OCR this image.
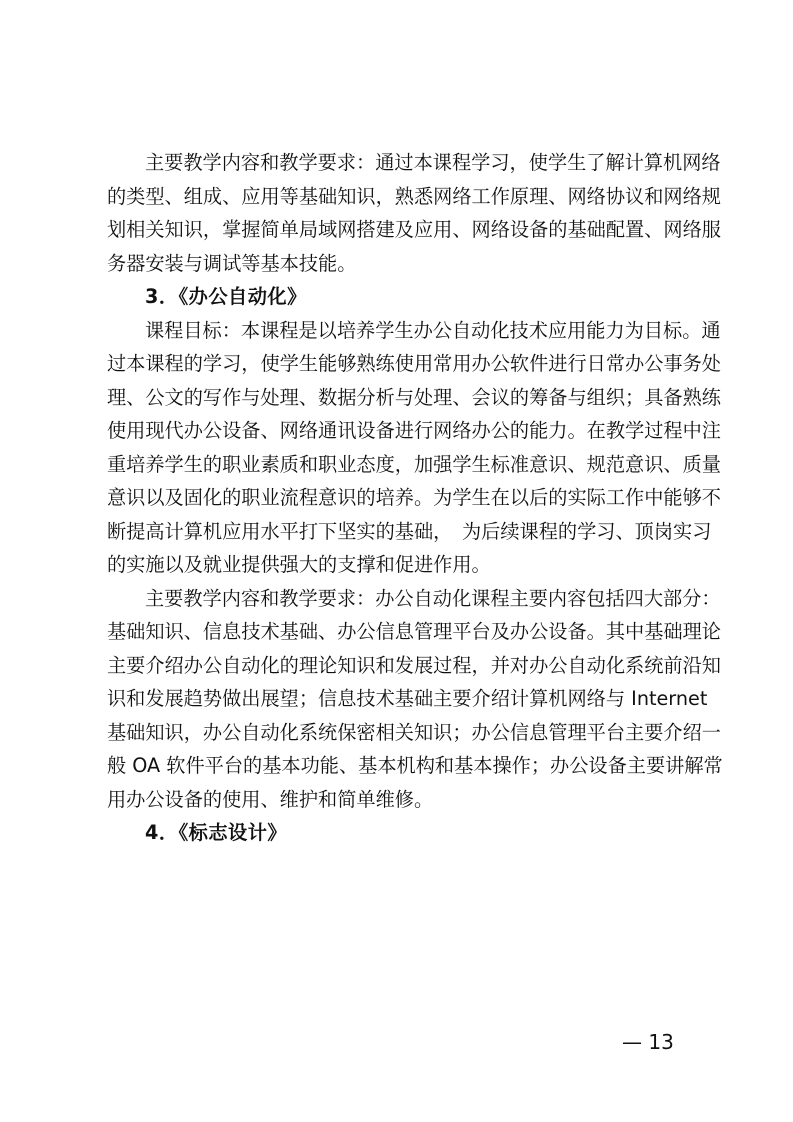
主要教学内容和教学要求：通过本课程学习，使学生了解计算机网络
的类型、组成、应用等基础知识，熟悉网络工作原理、网络协议和网络规
划相关知识，掌握简单局域网搭建及应用、网络设备的基础配置、网络服
务器安装与调试等基本技能。

3．《办公自动化》

课程目标：本课程是以培养学生办公自动化技术应用能力为目标。通
过本课程的学习，使学生能够熟练使用常用办公软件进行日常办公事务处
理、公文的写作与处理、数据分析与处理、会议的筹备与组织；具备熟练
使用现代办公设备、网络通讯设备进行网络办公的能力。在教学过程中注
重培养学生的职业素质和职业态度，加强学生标准意识、规范意识、质量
意识以及固化的职业流程意识的培养。为学生在以后的实际工作中能够不
断提高计算机应用水平打下坚实的基础，　为后续课程的学习、顶岗实习
的实施以及就业提供强大的支撑和促进作用。

主要教学内容和教学要求：办公自动化课程主要内容包括四大部分：
基础知识、信息技术基础、办公信息管理平台及办公设备。其中基础理论
主要介绍办公自动化的理论知识和发展过程，并对办公自动化系统前沿知
识和发展趋势做出展望；信息技术基础主要介绍计算机网络与 Internet
基础知识，办公自动化系统保密相关知识；办公信息管理平台主要介绍一
般 OA 软件平台的基本功能、基本机构和基本操作；办公设备主要讲解常
用办公设备的使用、维护和简单维修。

4．《标志设计》

— 13
